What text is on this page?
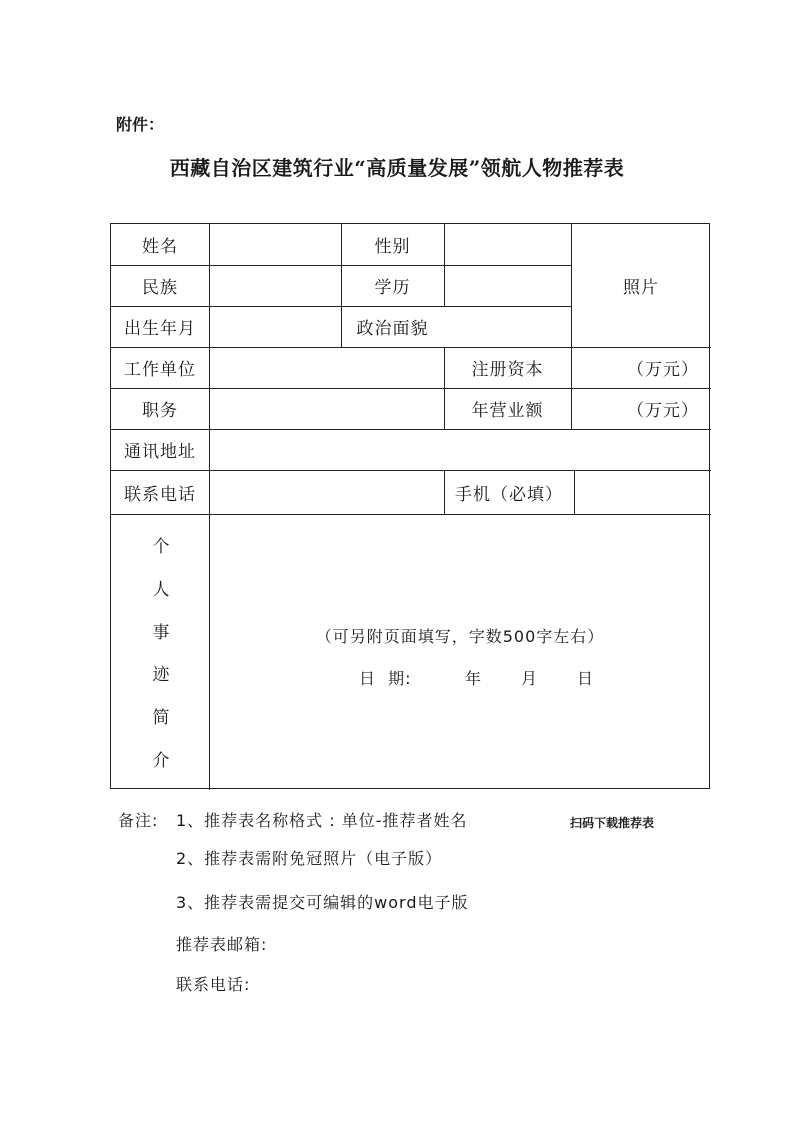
附件：
西藏自治区建筑行业“高质量发展”领航人物推荐表
姓名	性别
照片
民族	学历
出生年月	政治面貌
工作单位	注册资本	（万元）
职务	年营业额	（万元）
通讯地址
联系电话	手机（必填）
个
人
事
迹
简
介
（可另附页面填写，字数500字左右）
日  期:	年 月 日
备注: 1、推荐表名称格式 : 单位-推荐者姓名	扫码下载推荐表
2、推荐表需附免冠照片（电子版）
3、推荐表需提交可编辑的word电子版
推荐表邮箱:
联系电话:
